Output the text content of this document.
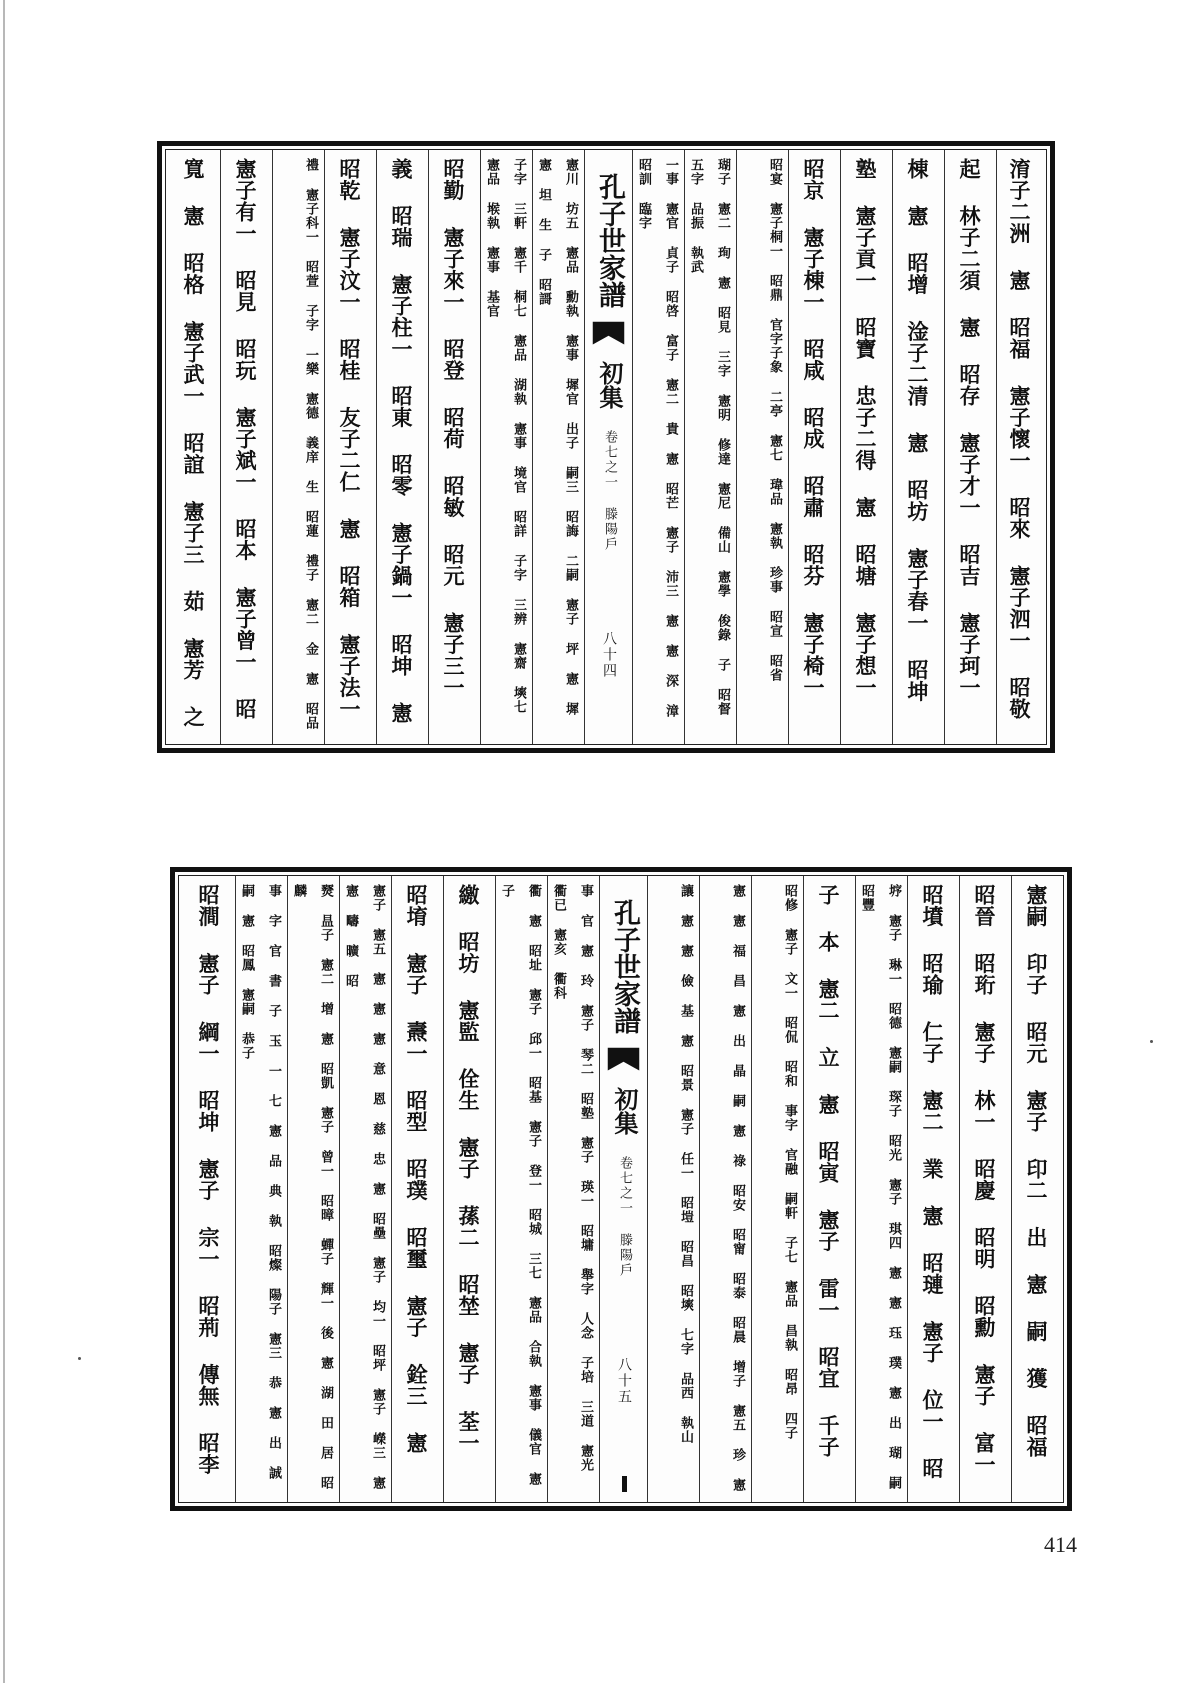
淯子二洲 憲 昭福 憲子懷一 昭來 憲子泗一 昭敬
起 林子二須 憲 昭存 憲子才一 昭吉 憲子珂一
棟 憲 昭增 淦子二清 憲 昭坊 憲子春一 昭坤
塾 憲子貢一 昭寶 忠子二得 憲 昭塘 憲子想一
昭京 憲子棟一 昭咸 昭成 昭肅 昭芬 憲子椅一
昭宴 憲子桐一 昭鼎 官字子象 二亭 憲七 瑋品 憲執 珍事 昭宣 昭省
瑚子 憲二 珣 憲 昭見 三字 憲明 修達 憲尼 備山 憲學 俊錄 子 昭督 五字 品振 執武
一事 憲官 貞子 昭啓 富子 憲二 貴 憲 昭芒 憲子 沛三 憲 憲 深 漳 昭訓 臨字
孔子世家譜
初集
卷七之一 滕陽戶
八十四
憲川 坊五 憲品 勳執 憲事 墀官 出子 嗣三 昭誨 二嗣 憲子 坪 憲 墀 憲 坦 生 子 昭謌
子字 三軒 憲千 桐七 憲品 湖執 憲事 境官 昭詳 子字 三辨 憲齋 塽七 憲品 堠執 憲事 基官
昭勤 憲子來一 昭登 昭荷 昭敏 昭元 憲子三一
義 昭瑞 憲子柱一 昭東 昭零 憲子鍋一 昭坤 憲
昭乾 憲子汶一 昭桂 友子二仁 憲 昭箱 憲子法一
禮 憲子科一 昭萱 子字 一樂 憲德 義庠 生 昭蓮 禮子 憲二 金 憲 昭品
憲子有一 昭見 昭玩 憲子斌一 昭本 憲子曾一 昭
寬 憲 昭格 憲子武一 昭誼 憲子三 茹 憲芳 之
憲嗣 印子 昭元 憲子 印二 出 憲 嗣 獲 昭福
昭晉 昭珩 憲子 林一 昭慶 昭明 昭勳 憲子 富一
昭墳 昭瑜 仁子 憲二 業 憲 昭璉 憲子 位一 昭
垿 憲子 琳一 昭德 憲嗣 琛子 昭光 憲子 琪四 憲 憲 珏 璞 憲 出 瑚 嗣 昭豐
子 本 憲二 立 憲 昭寅 憲子 雷一 昭宜 千子
昭修 憲子 文一 昭侃 昭和 事字 官融 嗣軒 子七 憲品 昌執 昭昂 四子
憲 憲 福 昌 憲 出 晶 嗣 憲 祿 昭安 昭甯 昭泰 昭晨 增子 憲五 珍 憲
讓 憲 憲 儉 基 憲 昭景 憲子 任一 昭塏 昭昌 昭塽 七字 品西 執山
孔子世家譜
初集
卷七之一 滕陽戶
八十五
事 官 憲 玲 憲子 琴二 昭塾 憲子 瑛一 昭墉 舉字 人念 子培 三道 憲光 衢已 憲亥 衢科
衢 憲 昭址 憲子 邱一 昭基 憲子 登一 昭城 三七 憲品 合執 憲事 儀官 憲子
繳 昭坊 憲監 佺生 憲子 蓀二 昭埜 憲子 荃一
昭堉 憲子 燾一 昭型 昭璞 昭璽 憲子 銓三 憲
憲子 憲五 憲 憲 憲 意 恩 慈 忠 憲 昭壘 憲子 均一 昭坪 憲子 嶸三 憲 憲 疇 曠 昭
燹 昷子 憲二 增 憲 昭凱 憲子 曾一 昭暲 蟬子 輝一 後 憲 湖 田 居 昭麟
事 字 官 書 子 玉 一 七 憲 品 典 執 昭燦 陽子 憲三 恭 憲 出 誠 嗣 憲 昭鳳 憲嗣 恭子
昭澗 憲子 綱一 昭坤 憲子 宗一 昭荊 傳無 昭李
414
